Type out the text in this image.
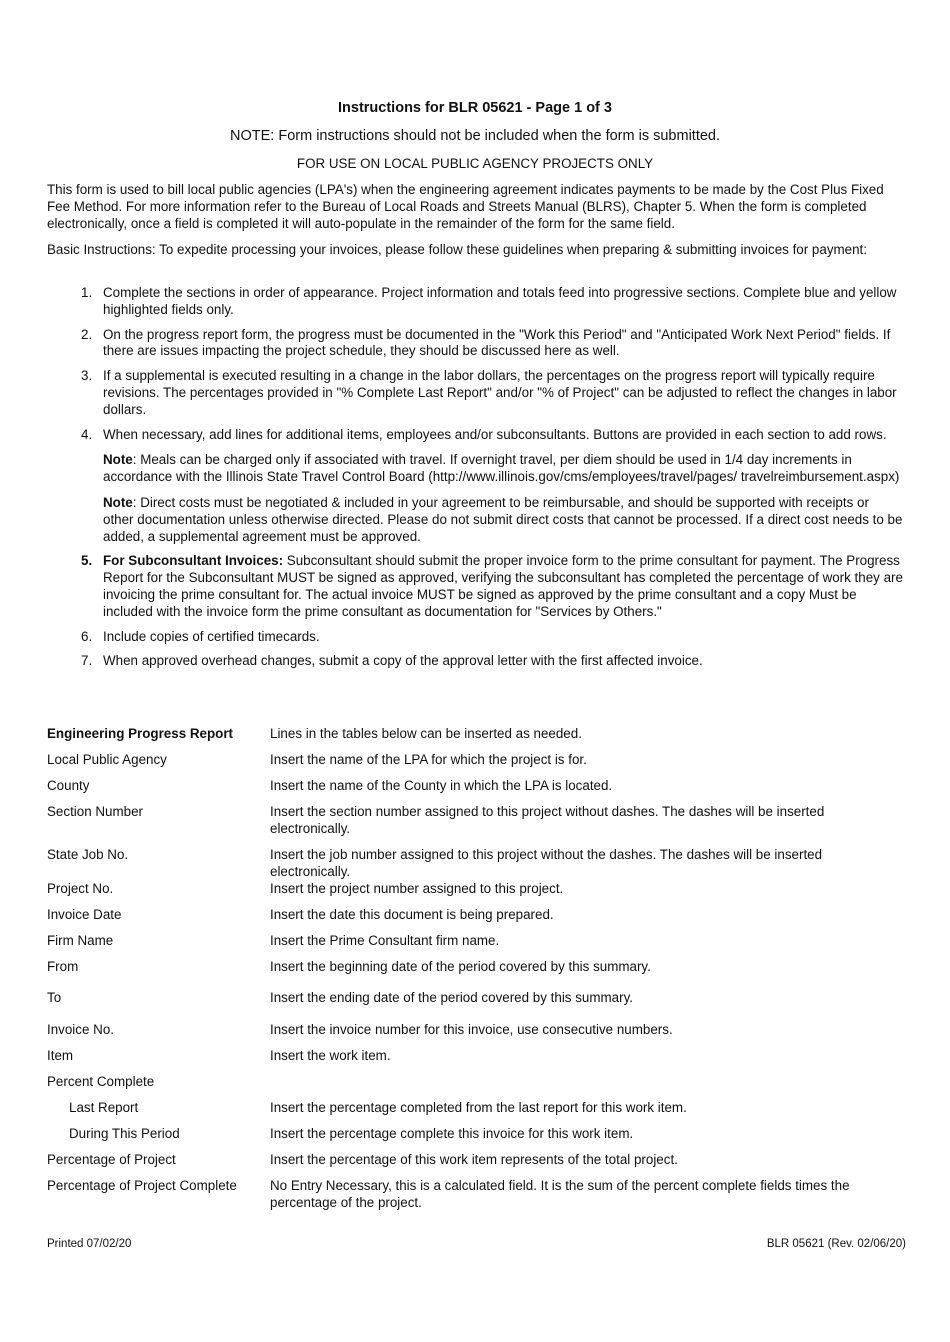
Instructions for BLR 05621 - Page 1 of 3
NOTE: Form instructions should not be included when the form is submitted.
FOR USE ON LOCAL PUBLIC AGENCY PROJECTS ONLY
This form is used to bill local public agencies (LPA's) when the engineering agreement indicates payments to be made by the Cost Plus Fixed Fee Method. For more information refer to the Bureau of Local Roads and Streets Manual (BLRS), Chapter 5. When the form is completed electronically, once a field is completed it will auto-populate in the remainder of the form for the same field.
Basic Instructions: To expedite processing your invoices, please follow these guidelines when preparing & submitting invoices for payment:
1. Complete the sections in order of appearance. Project information and totals feed into progressive sections. Complete blue and yellow highlighted fields only.
2. On the progress report form, the progress must be documented in the "Work this Period" and "Anticipated Work Next Period" fields. If there are issues impacting the project schedule, they should be discussed here as well.
3. If a supplemental is executed resulting in a change in the labor dollars, the percentages on the progress report will typically require revisions. The percentages provided in "% Complete Last Report" and/or "% of Project" can be adjusted to reflect the changes in labor dollars.
4. When necessary, add lines for additional items, employees and/or subconsultants. Buttons are provided in each section to add rows.

Note: Meals can be charged only if associated with travel. If overnight travel, per diem should be used in 1/4 day increments in accordance with the Illinois State Travel Control Board (http://www.illinois.gov/cms/employees/travel/pages/ travelreimbursement.aspx)

Note: Direct costs must be negotiated & included in your agreement to be reimbursable, and should be supported with receipts or other documentation unless otherwise directed. Please do not submit direct costs that cannot be processed. If a direct cost needs to be added, a supplemental agreement must be approved.

5. For Subconsultant Invoices: Subconsultant should submit the proper invoice form to the prime consultant for payment. The Progress Report for the Subconsultant MUST be signed as approved, verifying the subconsultant has completed the percentage of work they are invoicing the prime consultant for. The actual invoice MUST be signed as approved by the prime consultant and a copy Must be included with the invoice form the prime consultant as documentation for "Services by Others."
6. Include copies of certified timecards.
7. When approved overhead changes, submit a copy of the approval letter with the first affected invoice.
Engineering Progress Report	Lines in the tables below can be inserted as needed.
Local Public Agency	Insert the name of the LPA for which the project is for.
County	Insert the name of the County in which the LPA is located.
Section Number	Insert the section number assigned to this project without dashes. The dashes will be inserted electronically.
State Job No.	Insert the job number assigned to this project without the dashes. The dashes will be inserted electronically.
Project No.	Insert the project number assigned to this project.
Invoice Date	Insert the date this document is being prepared.
Firm Name	Insert the Prime Consultant firm name.
From	Insert the beginning date of the period covered by this summary.
To	Insert the ending date of the period covered by this summary.
Invoice No.	Insert the invoice number for this invoice, use consecutive numbers.
Item	Insert the work item.
Percent Complete
Last Report	Insert the percentage completed from the last report for this work item.
During This Period	Insert the percentage complete this invoice for this work item.
Percentage of Project	Insert the percentage of this work item represents of the total project.
Percentage of Project Complete	No Entry Necessary, this is a calculated field. It is the sum of the percent complete fields times the percentage of the project.
Printed 07/02/20	BLR 05621 (Rev. 02/06/20)
